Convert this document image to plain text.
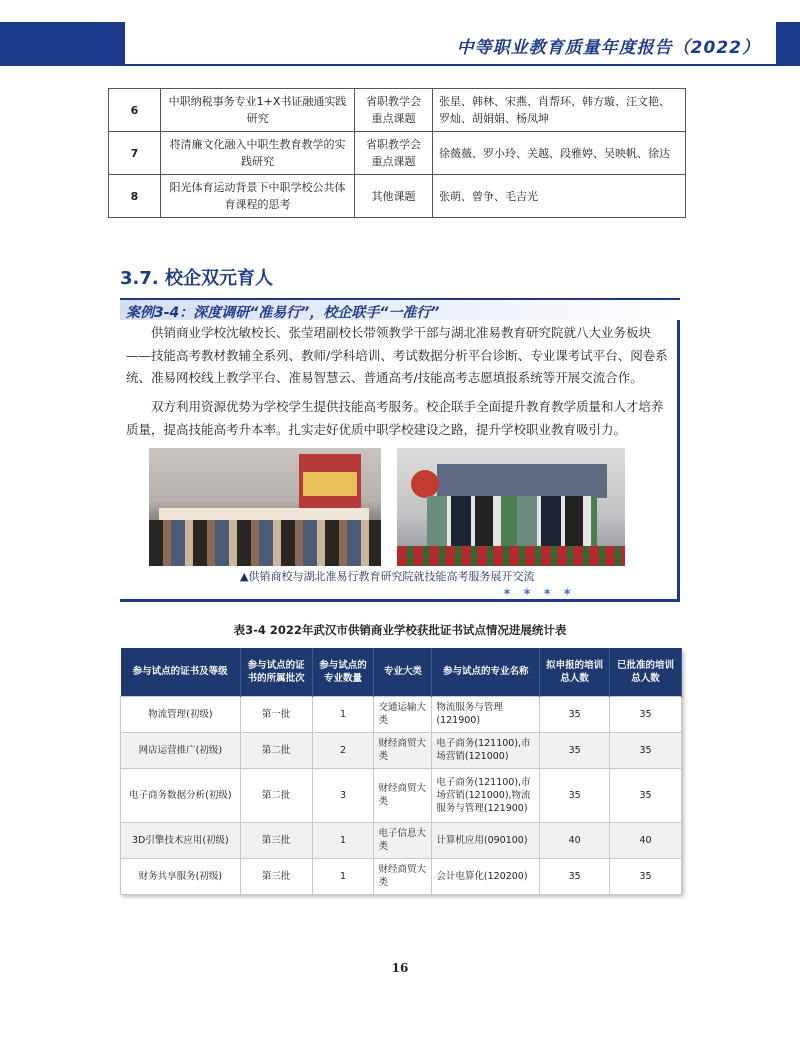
中等职业教育质量年度报告（2022）
6	中职纳税事务专业1+X书证融通实践研究	省职教学会重点课题	张星、韩林、宋燕、肖帮环、韩方璇、汪文艳、罗灿、胡娟娟、杨凤坤
7	将清廉文化融入中职生教育教学的实践研究	省职教学会重点课题	徐薇薇、罗小玲、关越、段雅婷、吴映帆、徐达
8	阳光体育运动背景下中职学校公共体育课程的思考	其他课题	张萌、曾争、毛吉光
3.7. 校企双元育人
案例3-4：深度调研“准易行”，校企联手“一准行”

供销商业学校沈敏校长、张莹珺副校长带领教学干部与湖北准易教育研究院就八大业务板块——技能高考教材教辅全系列、教师/学科培训、考试数据分析平台诊断、专业课考试平台、阅卷系统、准易网校线上教学平台、准易智慧云、普通高考/技能高考志愿填报系统等开展交流合作。

双方利用资源优势为学校学生提供技能高考服务。校企联手全面提升教育教学质量和人才培养质量，提高技能高考升本率。扎实走好优质中职学校建设之路，提升学校职业教育吸引力。

▲供销商校与湖北准易行教育研究院就技能高考服务展开交流
✶✶✶✶
表3-4 2022年武汉市供销商业学校获批证书试点情况进展统计表
参与试点的证书及等级	参与试点的证书的所属批次	参与试点的专业数量	专业大类	参与试点的专业名称	拟申报的培训总人数	已批准的培训总人数
物流管理(初级)	第一批	1	交通运输大类	物流服务与管理(121900)	35	35
网店运营推广(初级)	第二批	2	财经商贸大类	电子商务(121100),市场营销(121000)	35	35
电子商务数据分析(初级)	第二批	3	财经商贸大类	电子商务(121100),市场营销(121000),物流服务与管理(121900)	35	35
3D引擎技术应用(初级)	第三批	1	电子信息大类	计算机应用(090100)	40	40
财务共享服务(初级)	第三批	1	财经商贸大类	会计电算化(120200)	35	35
16
